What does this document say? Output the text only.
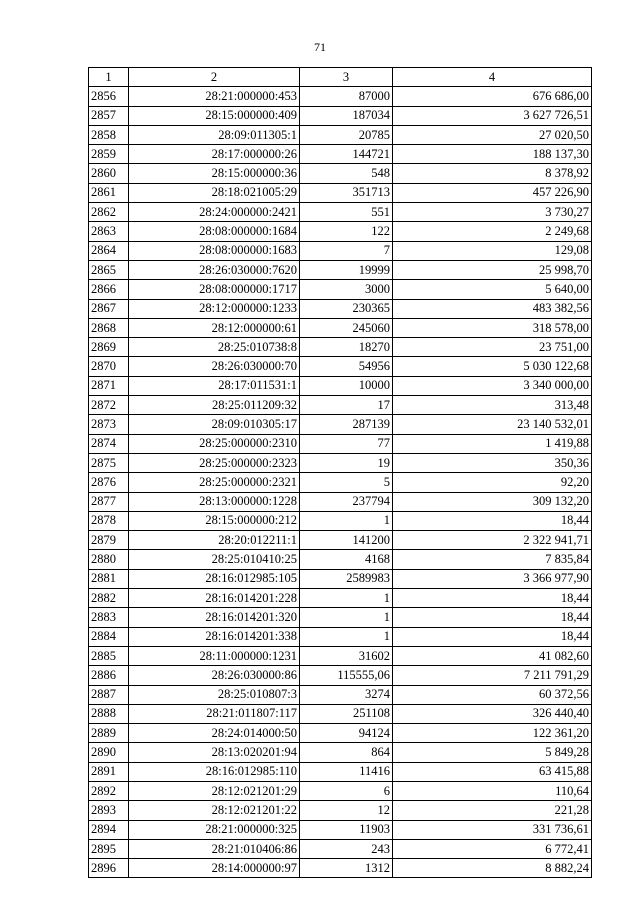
71
1	2	3	4
2856	28:21:000000:453	87000	676 686,00
2857	28:15:000000:409	187034	3 627 726,51
2858	28:09:011305:1	20785	27 020,50
2859	28:17:000000:26	144721	188 137,30
2860	28:15:000000:36	548	8 378,92
2861	28:18:021005:29	351713	457 226,90
2862	28:24:000000:2421	551	3 730,27
2863	28:08:000000:1684	122	2 249,68
2864	28:08:000000:1683	7	129,08
2865	28:26:030000:7620	19999	25 998,70
2866	28:08:000000:1717	3000	5 640,00
2867	28:12:000000:1233	230365	483 382,56
2868	28:12:000000:61	245060	318 578,00
2869	28:25:010738:8	18270	23 751,00
2870	28:26:030000:70	54956	5 030 122,68
2871	28:17:011531:1	10000	3 340 000,00
2872	28:25:011209:32	17	313,48
2873	28:09:010305:17	287139	23 140 532,01
2874	28:25:000000:2310	77	1 419,88
2875	28:25:000000:2323	19	350,36
2876	28:25:000000:2321	5	92,20
2877	28:13:000000:1228	237794	309 132,20
2878	28:15:000000:212	1	18,44
2879	28:20:012211:1	141200	2 322 941,71
2880	28:25:010410:25	4168	7 835,84
2881	28:16:012985:105	2589983	3 366 977,90
2882	28:16:014201:228	1	18,44
2883	28:16:014201:320	1	18,44
2884	28:16:014201:338	1	18,44
2885	28:11:000000:1231	31602	41 082,60
2886	28:26:030000:86	115555,06	7 211 791,29
2887	28:25:010807:3	3274	60 372,56
2888	28:21:011807:117	251108	326 440,40
2889	28:24:014000:50	94124	122 361,20
2890	28:13:020201:94	864	5 849,28
2891	28:16:012985:110	11416	63 415,88
2892	28:12:021201:29	6	110,64
2893	28:12:021201:22	12	221,28
2894	28:21:000000:325	11903	331 736,61
2895	28:21:010406:86	243	6 772,41
2896	28:14:000000:97	1312	8 882,24
